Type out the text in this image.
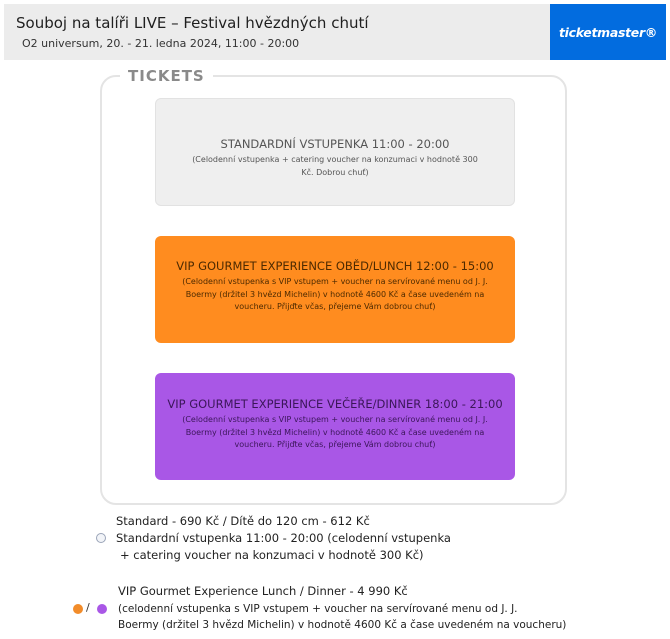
Souboj na talíři LIVE – Festival hvězdných chutí
O2 universum, 20. - 21. ledna 2024, 11:00 - 20:00
ticketmaster®
TICKETS
STANDARDNÍ VSTUPENKA 11:00 - 20:00
(Celodenní vstupenka + catering voucher na konzumaci v hodnotě 300 Kč. Dobrou chuť)
VIP GOURMET EXPERIENCE OBĚD/LUNCH 12:00 - 15:00
(Celodenní vstupenka s VIP vstupem + voucher na servírované menu od J. J. Boermy (držitel 3 hvězd Michelin) v hodnotě 4600 Kč a čase uvedeném na voucheru. Přijďte včas, přejeme Vám dobrou chuť)
VIP GOURMET EXPERIENCE VEČEŘE/DINNER 18:00 - 21:00
(Celodenní vstupenka s VIP vstupem + voucher na servírované menu od J. J. Boermy (držitel 3 hvězd Michelin) v hodnotě 4600 Kč a čase uvedeném na voucheru. Přijďte včas, přejeme Vám dobrou chuť)
Standard - 690 Kč / Dítě do 120 cm - 612 Kč
Standardní vstupenka 11:00 - 20:00 (celodenní vstupenka
+ catering voucher na konzumaci v hodnotě 300 Kč)
VIP Gourmet Experience Lunch / Dinner - 4 990 Kč
/	(celodenní vstupenka s VIP vstupem + voucher na servírované menu od J. J.
Boermy (držitel 3 hvězd Michelin) v hodnotě 4600 Kč a čase uvedeném na voucheru)
